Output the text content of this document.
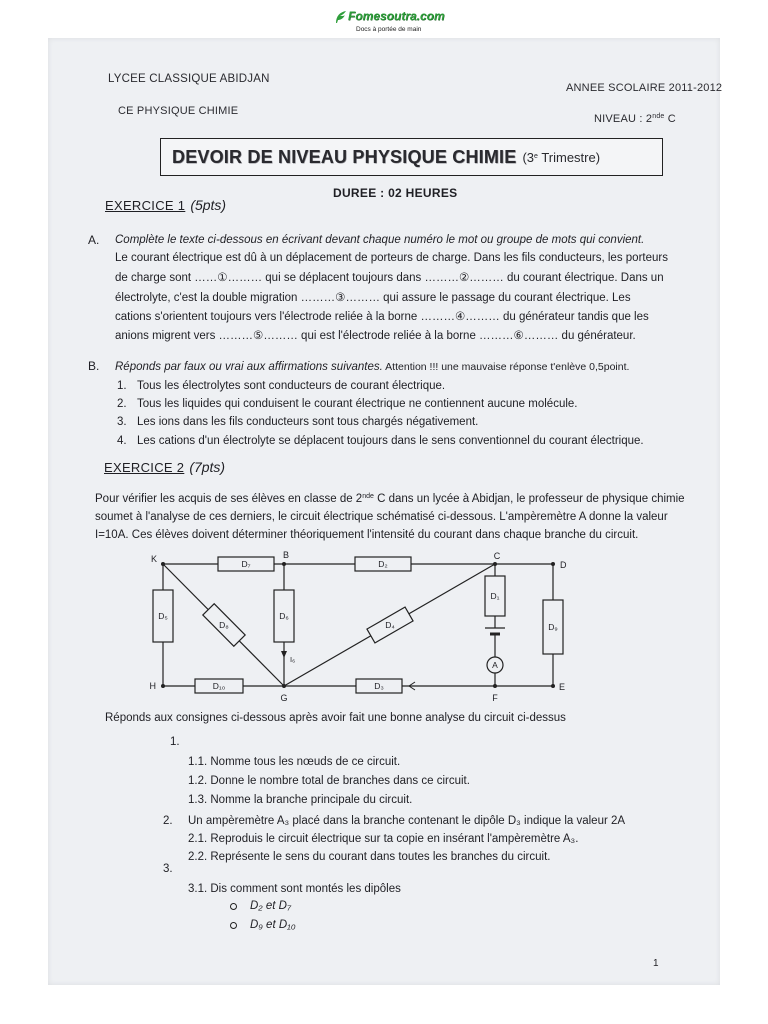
Fomesoutra.com
Docs à portée de main
LYCEE CLASSIQUE ABIDJAN
CE PHYSIQUE CHIMIE
ANNEE SCOLAIRE 2011-2012
NIVEAU : 2nde C
DEVOIR DE NIVEAU PHYSIQUE CHIMIE (3e Trimestre)
DUREE : 02 HEURES
EXERCICE 1 (5pts)
A. Complète le texte ci-dessous en écrivant devant chaque numéro le mot ou groupe de mots qui convient.
Le courant électrique est dû à un déplacement de porteurs de charge. Dans les fils conducteurs, les porteurs
de charge sont ……①……… qui se déplacent toujours dans ………②……… du courant électrique. Dans un
électrolyte, c'est la double migration ………③……… qui assure le passage du courant électrique. Les
cations s'orientent toujours vers l'électrode reliée à la borne ………④……… du générateur tandis que les
anions migrent vers ………⑤……… qui est l'électrode reliée à la borne ………⑥……… du générateur.
B. Réponds par faux ou vrai aux affirmations suivantes. Attention !!! une mauvaise réponse t'enlève 0,5point.
1. Tous les électrolytes sont conducteurs de courant électrique.
2. Tous les liquides qui conduisent le courant électrique ne contiennent aucune molécule.
3. Les ions dans les fils conducteurs sont tous chargés négativement.
4. Les cations d'un électrolyte se déplacent toujours dans le sens conventionnel du courant électrique.
EXERCICE 2 (7pts)
Pour vérifier les acquis de ses élèves en classe de 2nde C dans un lycée à Abidjan, le professeur de physique chimie
soumet à l'analyse de ces derniers, le circuit électrique schématisé ci-dessous. L'ampèremètre A donne la valeur
I=10A. Ces élèves doivent déterminer théoriquement l'intensité du courant dans chaque branche du circuit.
K	B	C
D
H
G	F
E
D₇	D₂
D₅
D₈
D₆
D₄
D₁
D₉
D₁₀	D₃
A
I₆
Réponds aux consignes ci-dessous après avoir fait une bonne analyse du circuit ci-dessus
1.
1.1. Nomme tous les nœuds de ce circuit.
1.2. Donne le nombre total de branches dans ce circuit.
1.3. Nomme la branche principale du circuit.
2. Un ampèremètre A₃ placé dans la branche contenant le dipôle D₃ indique la valeur 2A
2.1. Reproduis le circuit électrique sur ta copie en insérant l'ampèremètre A₃.
2.2. Représente le sens du courant dans toutes les branches du circuit.
3.
3.1. Dis comment sont montés les dipôles
D₂ et D₇
D₉ et D₁₀
1
